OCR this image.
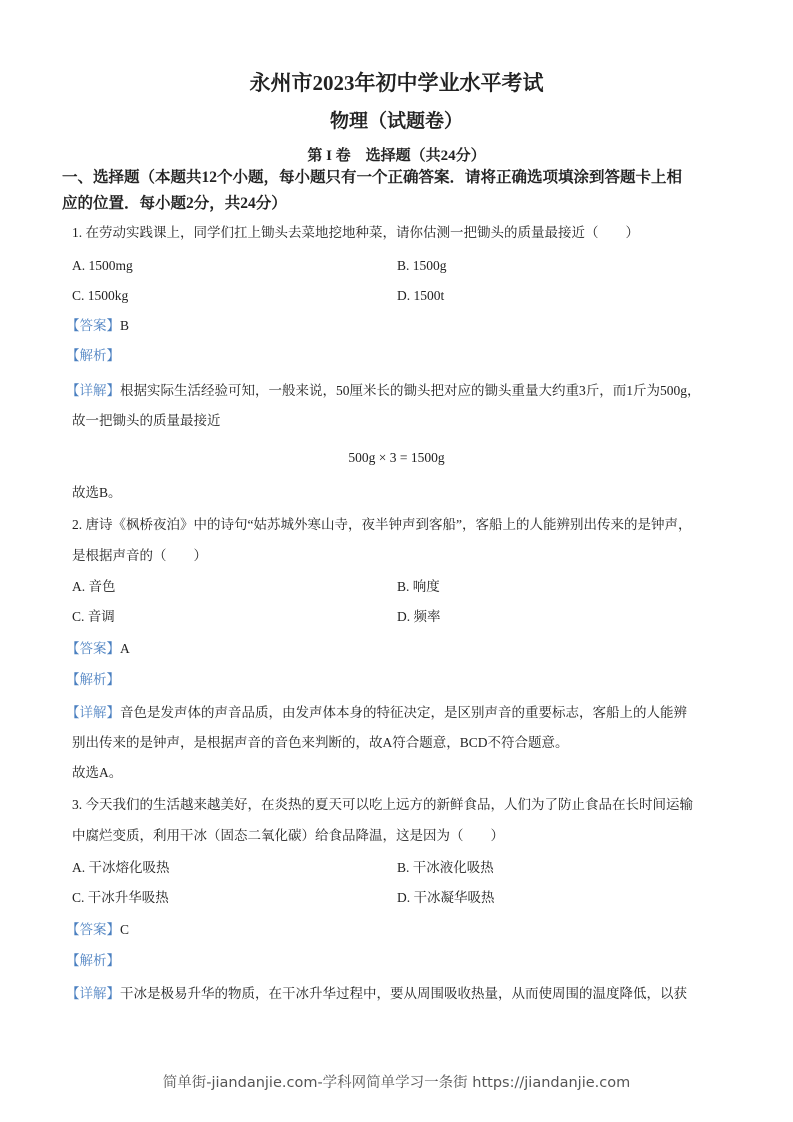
永州市2023年初中学业水平考试
物理（试题卷）
第 I 卷　选择题（共24分）
一、选择题（本题共12个小题，每小题只有一个正确答案．请将正确选项填涂到答题卡上相
应的位置．每小题2分，共24分）
1. 在劳动实践课上，同学们扛上锄头去菜地挖地种菜，请你估测一把锄头的质量最接近（　　）
A. 1500mg	B. 1500g
C. 1500kg	D. 1500t
【答案】B
【解析】
【详解】根据实际生活经验可知，一般来说，50厘米长的锄头把对应的锄头重量大约重3斤，而1斤为500g，
故一把锄头的质量最接近
500g × 3 = 1500g
故选B。
2. 唐诗《枫桥夜泊》中的诗句“姑苏城外寒山寺，夜半钟声到客船”，客船上的人能辨别出传来的是钟声，
是根据声音的（　　）
A. 音色	B. 响度
C. 音调	D. 频率
【答案】A
【解析】
【详解】音色是发声体的声音品质，由发声体本身的特征决定，是区别声音的重要标志，客船上的人能辨
别出传来的是钟声，是根据声音的音色来判断的，故A符合题意，BCD不符合题意。
故选A。
3. 今天我们的生活越来越美好，在炎热的夏天可以吃上远方的新鲜食品，人们为了防止食品在长时间运输
中腐烂变质，利用干冰（固态二氧化碳）给食品降温，这是因为（　　）
A. 干冰熔化吸热	B. 干冰液化吸热
C. 干冰升华吸热	D. 干冰凝华吸热
【答案】C
【解析】
【详解】干冰是极易升华的物质，在干冰升华过程中，要从周围吸收热量，从而使周围的温度降低，以获
简单街-jiandanjie.com-学科网简单学习一条街 https://jiandanjie.com
